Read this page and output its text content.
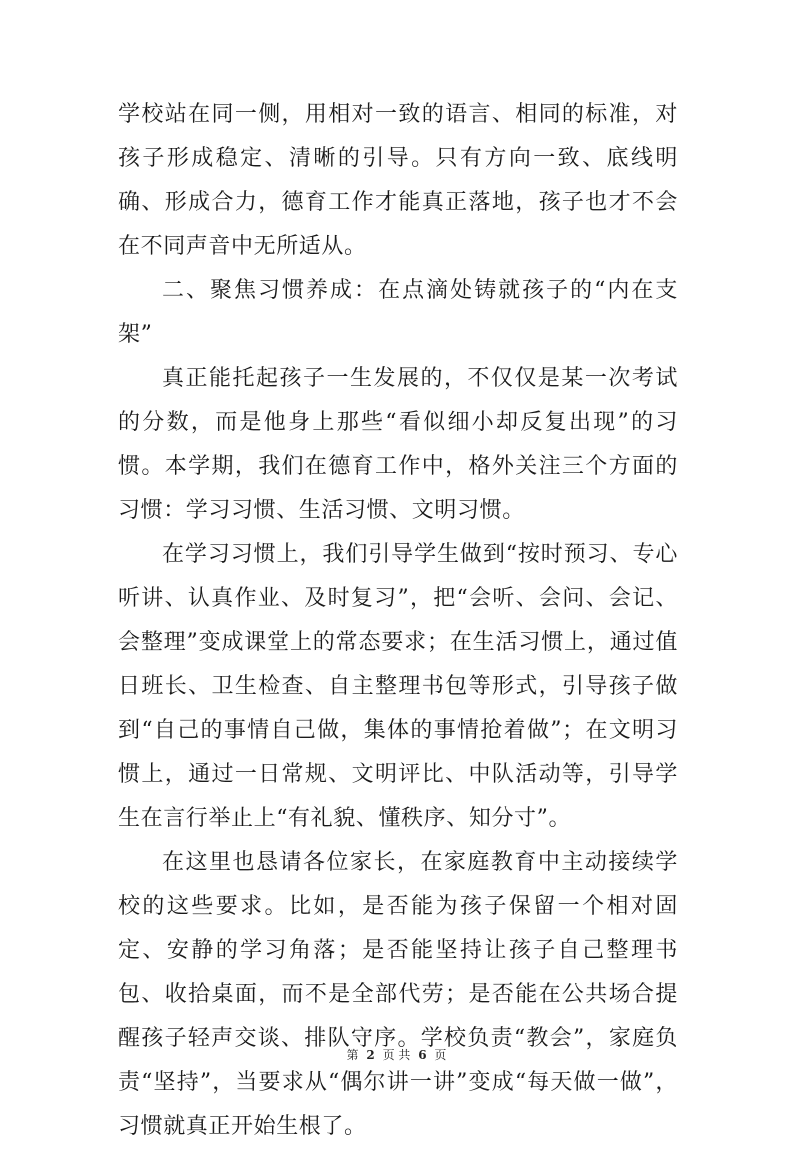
学校站在同一侧，用相对一致的语言、相同的标准，对孩子形成稳定、清晰的引导。只有方向一致、底线明确、形成合力，德育工作才能真正落地，孩子也才不会在不同声音中无所适从。

二、聚焦习惯养成：在点滴处铸就孩子的“内在支架”

真正能托起孩子一生发展的，不仅仅是某一次考试的分数，而是他身上那些“看似细小却反复出现”的习惯。本学期，我们在德育工作中，格外关注三个方面的习惯：学习习惯、生活习惯、文明习惯。

在学习习惯上，我们引导学生做到“按时预习、专心听讲、认真作业、及时复习”，把“会听、会问、会记、会整理”变成课堂上的常态要求；在生活习惯上，通过值日班长、卫生检查、自主整理书包等形式，引导孩子做到“自己的事情自己做，集体的事情抢着做”；在文明习惯上，通过一日常规、文明评比、中队活动等，引导学生在言行举止上“有礼貌、懂秩序、知分寸”。

在这里也恳请各位家长，在家庭教育中主动接续学校的这些要求。比如，是否能为孩子保留一个相对固定、安静的学习角落；是否能坚持让孩子自己整理书包、收拾桌面，而不是全部代劳；是否能在公共场合提醒孩子轻声交谈、排队守序。学校负责“教会”，家庭负责“坚持”，当要求从“偶尔讲一讲”变成“每天做一做”，习惯就真正开始生根了。

第 2 页 共 6 页
